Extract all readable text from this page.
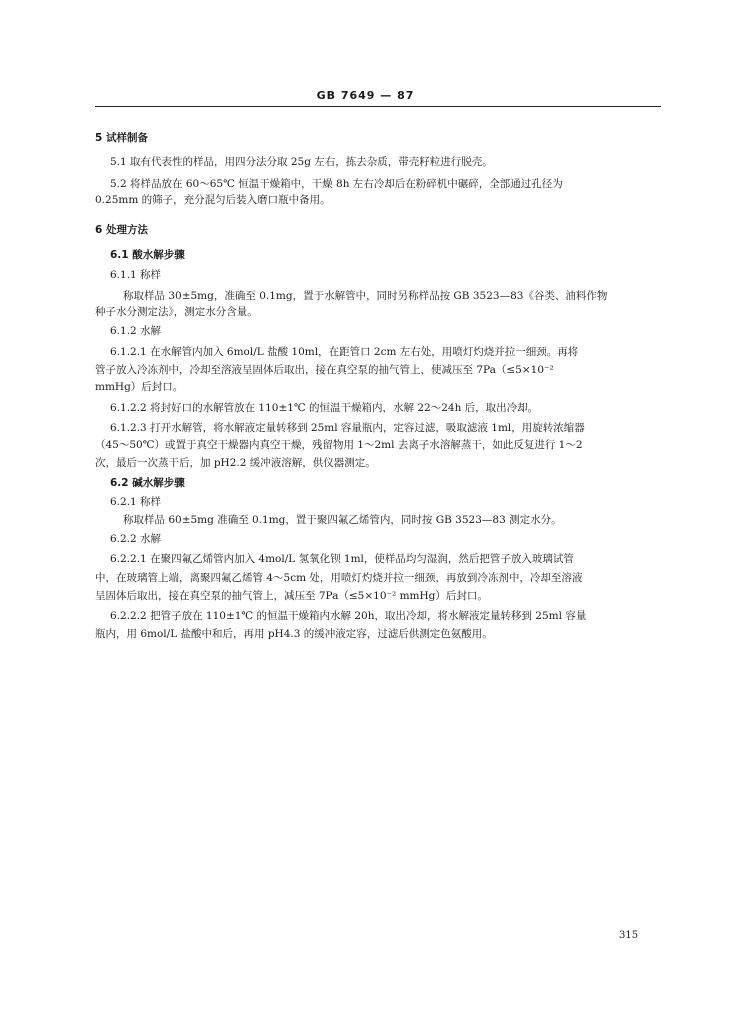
GB 7649 — 87
5 试样制备
5.1 取有代表性的样品，用四分法分取 25g 左右，拣去杂质，带壳籽粒进行脱壳。
5.2 将样品放在 60～65℃ 恒温干燥箱中，干燥 8h 左右冷却后在粉碎机中碾碎，全部通过孔径为
0.25mm 的筛子，充分混匀后装入磨口瓶中备用。
6 处理方法
6.1 酸水解步骤
6.1.1 称样
称取样品 30±5mg，准确至 0.1mg，置于水解管中，同时另称样品按 GB 3523—83《谷类、油料作物
种子水分测定法》，测定水分含量。
6.1.2 水解
6.1.2.1 在水解管内加入 6mol/L 盐酸 10ml，在距管口 2cm 左右处，用喷灯灼烧并拉一细颈。再将
管子放入冷冻剂中，冷却至溶液呈固体后取出，接在真空泵的抽气管上，使减压至 7Pa（≤5×10⁻²
mmHg）后封口。
6.1.2.2 将封好口的水解管放在 110±1℃ 的恒温干燥箱内，水解 22～24h 后，取出冷却。
6.1.2.3 打开水解管，将水解液定量转移到 25ml 容量瓶内，定容过滤，吸取滤液 1ml，用旋转浓缩器
（45～50℃）或置于真空干燥器内真空干燥，残留物用 1～2ml 去离子水溶解蒸干，如此反复进行 1～2
次，最后一次蒸干后，加 pH2.2 缓冲液溶解，供仪器测定。
6.2 碱水解步骤
6.2.1 称样
称取样品 60±5mg 准确至 0.1mg，置于聚四氟乙烯管内，同时按 GB 3523—83 测定水分。
6.2.2 水解
6.2.2.1 在聚四氟乙烯管内加入 4mol/L 氢氧化钡 1ml，使样品均匀湿润，然后把管子放入玻璃试管
中，在玻璃管上端，离聚四氟乙烯管 4～5cm 处，用喷灯灼烧并拉一细颈，再放到冷冻剂中，冷却至溶液
呈固体后取出，接在真空泵的抽气管上，减压至 7Pa（≤5×10⁻² mmHg）后封口。
6.2.2.2 把管子放在 110±1℃ 的恒温干燥箱内水解 20h，取出冷却，将水解液定量转移到 25ml 容量
瓶内，用 6mol/L 盐酸中和后，再用 pH4.3 的缓冲液定容，过滤后供测定色氨酸用。
315
